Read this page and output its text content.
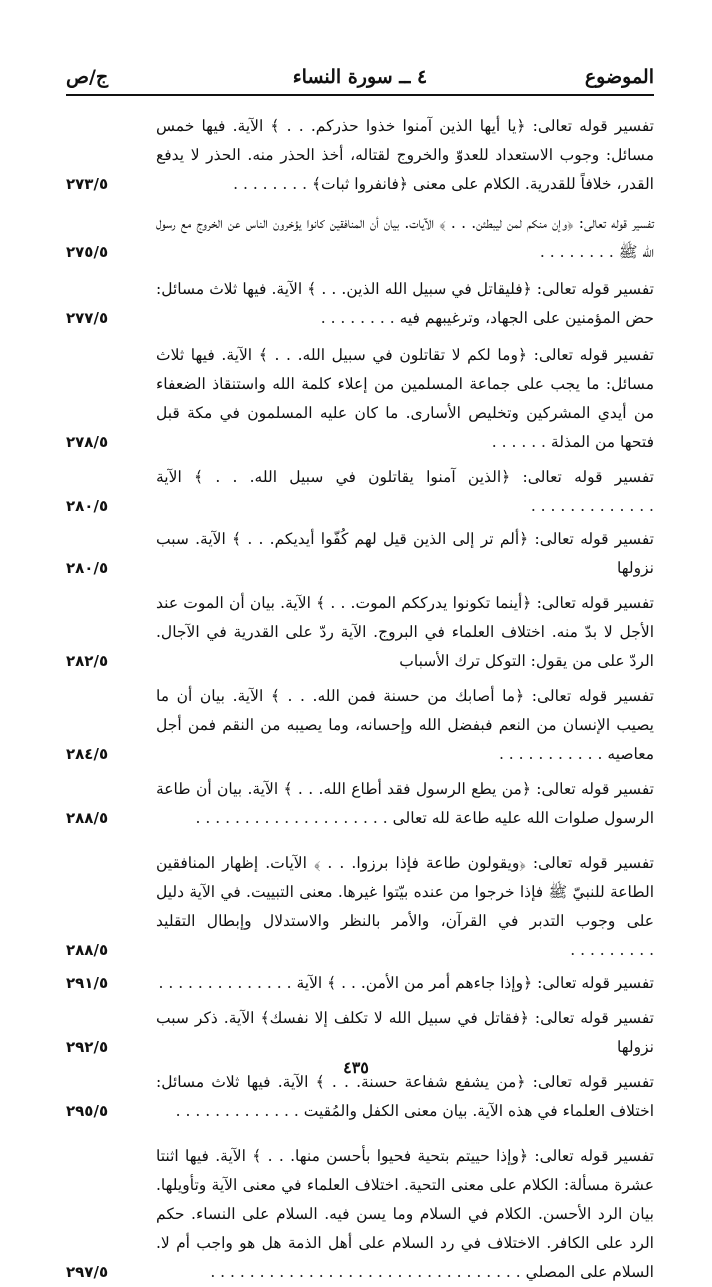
الموضوع
٤ ــ سورة النساء
ج/ص
تفسير قوله تعالى: ﴿يا أيها الذين آمنوا خذوا حذركم. . . ﴾ الآية. فيها خمس مسائل: وجوب الاستعداد للعدوّ والخروج لقتاله، أخذ الحذر منه. الحذر لا يدفع القدر، خلافاً للقدرية. الكلام على معنى ﴿فانفروا ثبات﴾ . . . . . . . .
٢٧٣/٥
تفسير قوله تعالى: ﴿وإن منكم لمن ليبطئن. . . ﴾ الآيات. بيان أن المنافقين كانوا يؤخرون الناس عن الخروج مع رسول الله ﷺ . . . . . . . .
٢٧٥/٥
تفسير قوله تعالى: ﴿فليقاتل في سبيل الله الذين. . . ﴾ الآية. فيها ثلاث مسائل: حض المؤمنين على الجهاد، وترغيبهم فيه . . . . . . . .
٢٧٧/٥
تفسير قوله تعالى: ﴿وما لكم لا تقاتلون في سبيل الله. . . ﴾ الآية. فيها ثلاث مسائل: ما يجب على جماعة المسلمين من إعلاء كلمة الله واستنقاذ الضعفاء من أيدي المشركين وتخليص الأسارى. ما كان عليه المسلمون في مكة قبل فتحها من المذلة . . . . . .
٢٧٨/٥
تفسير قوله تعالى: ﴿الذين آمنوا يقاتلون في سبيل الله. . . ﴾ الآية . . . . . . . . . . . . .
٢٨٠/٥
تفسير قوله تعالى: ﴿ألم تر إلى الذين قيل لهم كُفّوا أيديكم. . . ﴾ الآية. سبب نزولها
٢٨٠/٥
تفسير قوله تعالى: ﴿أينما تكونوا يدرككم الموت. . . ﴾ الآية. بيان أن الموت عند الأجل لا بدّ منه. اختلاف العلماء في البروج. الآية ردّ على القدرية في الآجال. الردّ على من يقول: التوكل ترك الأسباب
٢٨٢/٥
تفسير قوله تعالى: ﴿ما أصابك من حسنة فمن الله. . . ﴾ الآية. بيان أن ما يصيب الإنسان من النعم فبفضل الله وإحسانه، وما يصيبه من النقم فمن أجل معاصيه . . . . . . . . . . .
٢٨٤/٥
تفسير قوله تعالى: ﴿من يطع الرسول فقد أطاع الله. . . ﴾ الآية. بيان أن طاعة الرسول صلوات الله عليه طاعة لله تعالى . . . . . . . . . . . . . . . . . . . .
٢٨٨/٥
تفسير قوله تعالى: ﴿ويقولون طاعة فإذا برزوا. . . ﴾ الآيات. إظهار المنافقين الطاعة للنبيّ ﷺ فإذا خرجوا من عنده بيّتوا غيرها. معنى التبييت. في الآية دليل على وجوب التدبر في القرآن، والأمر بالنظر والاستدلال وإبطال التقليد . . . . . . . . .
٢٨٨/٥
تفسير قوله تعالى: ﴿وإذا جاءهم أمر من الأمن. . . ﴾ الآية . . . . . . . . . . . . . .
٢٩١/٥
تفسير قوله تعالى: ﴿فقاتل في سبيل الله لا تكلف إلا نفسك﴾ الآية. ذكر سبب نزولها
٢٩٢/٥
تفسير قوله تعالى: ﴿من يشفع شفاعة حسنة. . . ﴾ الآية. فيها ثلاث مسائل: اختلاف العلماء في هذه الآية. بيان معنى الكفل والمُقيت . . . . . . . . . . . . .
٢٩٥/٥
تفسير قوله تعالى: ﴿وإذا حييتم بتحية فحيوا بأحسن منها. . . ﴾ الآية. فيها اثنتا عشرة مسألة: الكلام على معنى التحية. اختلاف العلماء في معنى الآية وتأويلها. بيان الرد الأحسن. الكلام في السلام وما يسن فيه. السلام على النساء. حكم الرد على الكافر. الاختلاف في رد السلام على أهل الذمة هل هو واجب أم لا. السلام على المصلي . . . . . . . . . . . . . . . . . . . . . . . . . . . . . . . .
٢٩٧/٥
٤٣٥
